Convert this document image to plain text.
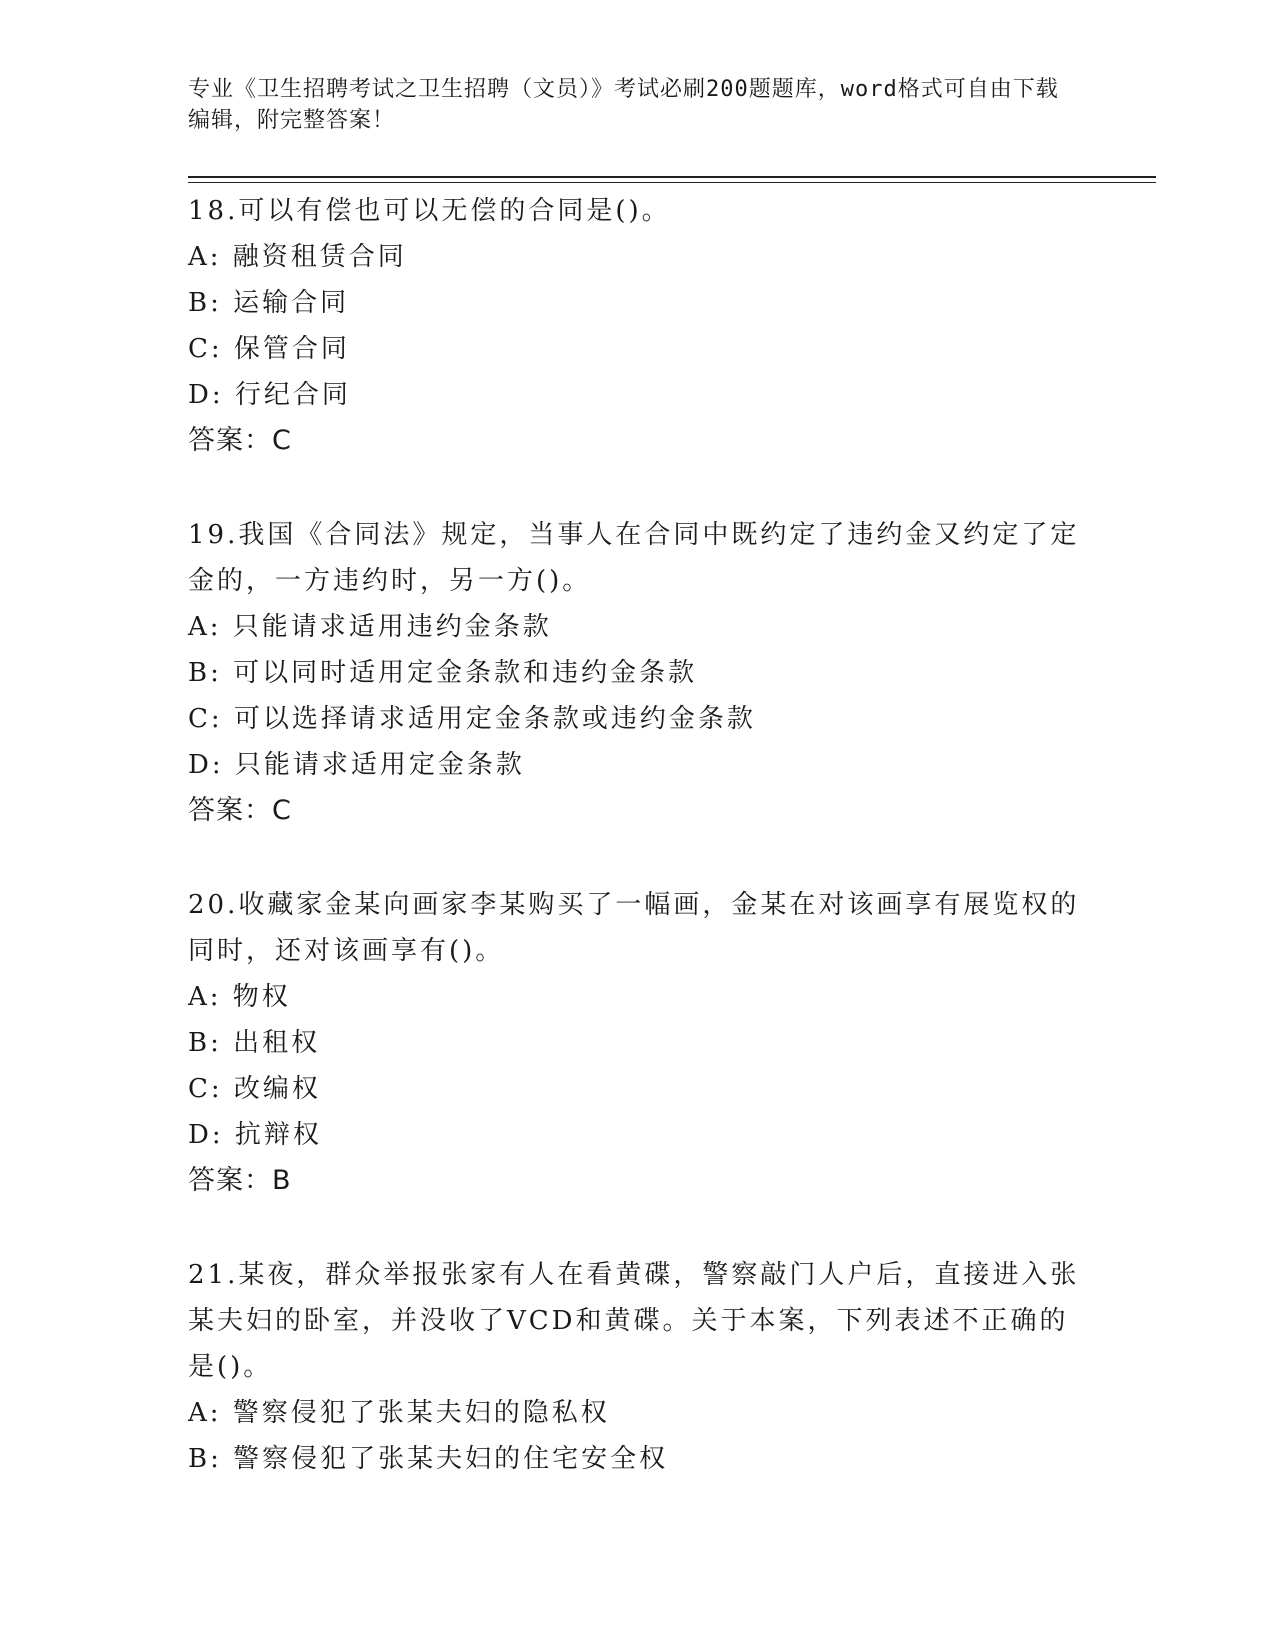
专业《卫生招聘考试之卫生招聘（文员）》考试必刷200题题库，word格式可自由下载编辑，附完整答案！

18.可以有偿也可以无偿的合同是()。

A: 融资租赁合同

B: 运输合同

C: 保管合同

D: 行纪合同

答案：C

19.我国《合同法》规定，当事人在合同中既约定了违约金又约定了定金的，一方违约时，另一方()。

A: 只能请求适用违约金条款

B: 可以同时适用定金条款和违约金条款

C: 可以选择请求适用定金条款或违约金条款

D: 只能请求适用定金条款

答案：C

20.收藏家金某向画家李某购买了一幅画，金某在对该画享有展览权的同时，还对该画享有()。

A: 物权

B: 出租权

C: 改编权

D: 抗辩权

答案：B

21.某夜，群众举报张家有人在看黄碟，警察敲门人户后，直接进入张某夫妇的卧室，并没收了VCD和黄碟。关于本案，下列表述不正确的是()。

A: 警察侵犯了张某夫妇的隐私权

B: 警察侵犯了张某夫妇的住宅安全权
